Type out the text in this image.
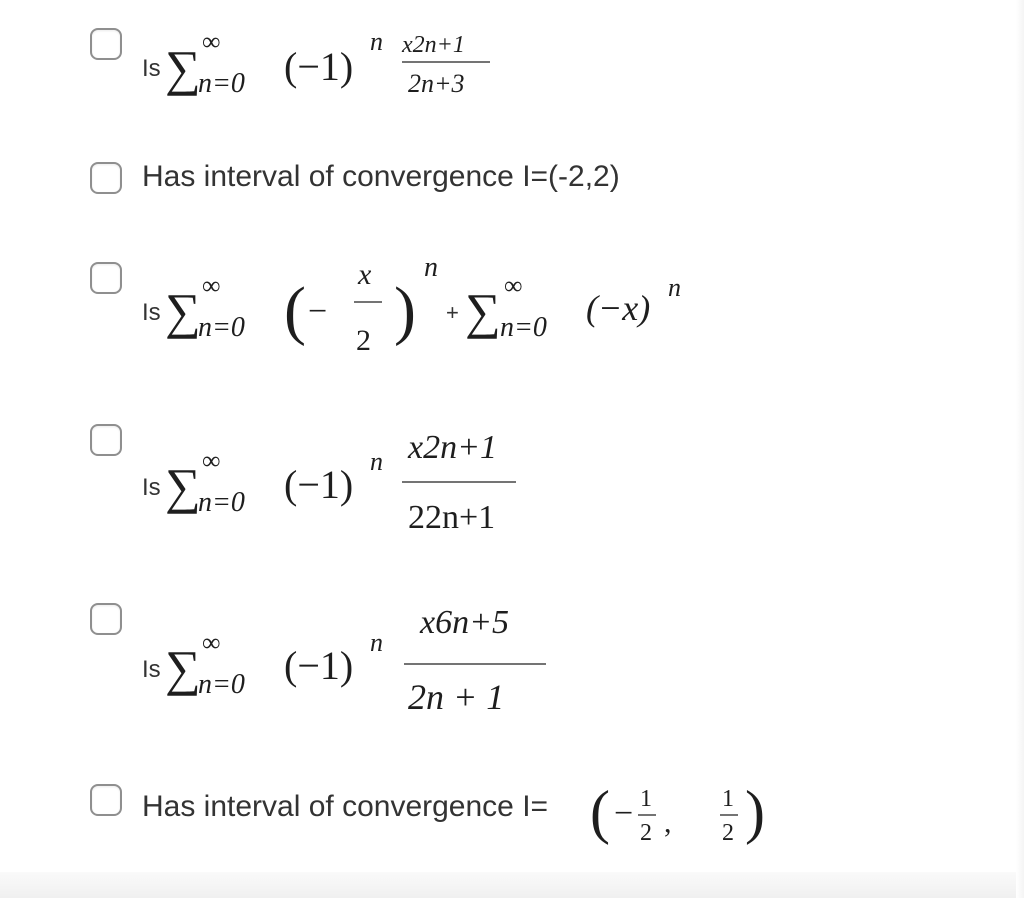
Is ∑ ∞
n=0 (−1)
n x2n+1
2n+3
Has interval of convergence I=(-2,2)
Is ∑ ∞
n=0 ( −
x
2 )
n
+ ∑ ∞
n=0 (−x)
n
Is ∑ ∞
n=0 (−1)
n x2n+1
22n+1
Is ∑ ∞
n=0 (−1)
n
x6n+5
2n + 1
Has interval of convergence I= ( − 1
2 ,
1
2 )
